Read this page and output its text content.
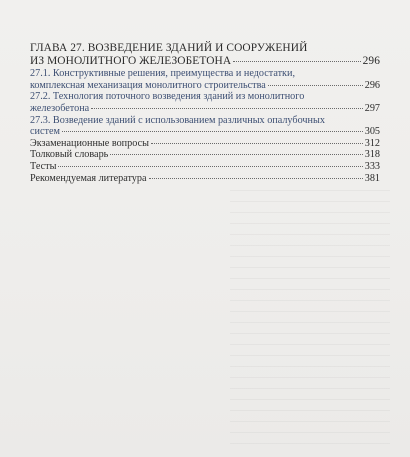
ГЛАВА 27. ВОЗВЕДЕНИЕ ЗДАНИЙ И СООРУЖЕНИЙ
ИЗ МОНОЛИТНОГО ЖЕЛЕЗОБЕТОНА	296
27.1. Конструктивные решения, преимущества и недостатки,
комплексная механизация монолитного строительства	296
27.2. Технология поточного возведения зданий из монолитного
железобетона	297
27.3. Возведение зданий с использованием различных опалубочных
систем	305
Экзаменационные вопросы	312
Толковый словарь	318
Тесты	333
Рекомендуемая литература	381
